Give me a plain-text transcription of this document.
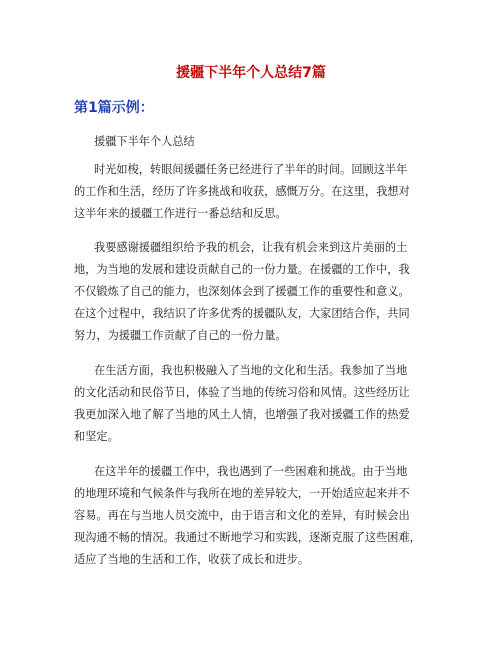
援疆下半年个人总结7篇
第1篇示例：
援疆下半年个人总结
时光如梭，转眼间援疆任务已经进行了半年的时间。回顾这半年
的工作和生活，经历了许多挑战和收获，感慨万分。在这里，我想对
这半年来的援疆工作进行一番总结和反思。
我要感谢援疆组织给予我的机会，让我有机会来到这片美丽的土
地，为当地的发展和建设贡献自己的一份力量。在援疆的工作中，我
不仅锻炼了自己的能力，也深刻体会到了援疆工作的重要性和意义。
在这个过程中，我结识了许多优秀的援疆队友，大家团结合作，共同
努力，为援疆工作贡献了自己的一份力量。
在生活方面，我也积极融入了当地的文化和生活。我参加了当地
的文化活动和民俗节日，体验了当地的传统习俗和风情。这些经历让
我更加深入地了解了当地的风土人情，也增强了我对援疆工作的热爱
和坚定。
在这半年的援疆工作中，我也遇到了一些困难和挑战。由于当地
的地理环境和气候条件与我所在地的差异较大，一开始适应起来并不
容易。再在与当地人员交流中，由于语言和文化的差异，有时候会出
现沟通不畅的情况。我通过不断地学习和实践，逐渐克服了这些困难，
适应了当地的生活和工作，收获了成长和进步。
